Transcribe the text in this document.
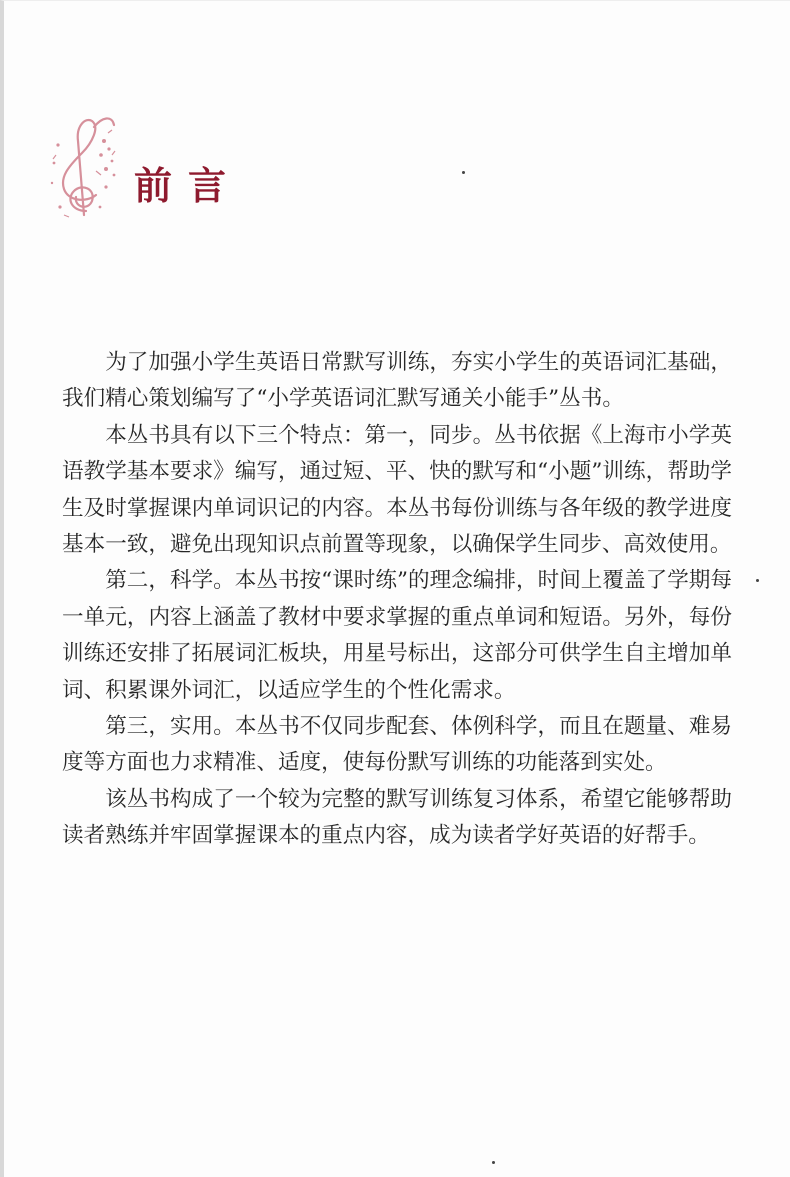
前言

为了加强小学生英语日常默写训练，夯实小学生的英语词汇基础，我们精心策划编写了“小学英语词汇默写通关小能手”丛书。

本丛书具有以下三个特点：第一，同步。丛书依据《上海市小学英语教学基本要求》编写，通过短、平、快的默写和“小题”训练，帮助学生及时掌握课内单词识记的内容。本丛书每份训练与各年级的教学进度基本一致，避免出现知识点前置等现象，以确保学生同步、高效使用。

第二，科学。本丛书按“课时练”的理念编排，时间上覆盖了学期每一单元，内容上涵盖了教材中要求掌握的重点单词和短语。另外，每份训练还安排了拓展词汇板块，用星号标出，这部分可供学生自主增加单词、积累课外词汇，以适应学生的个性化需求。

第三，实用。本丛书不仅同步配套、体例科学，而且在题量、难易度等方面也力求精准、适度，使每份默写训练的功能落到实处。

该丛书构成了一个较为完整的默写训练复习体系，希望它能够帮助读者熟练并牢固掌握课本的重点内容，成为读者学好英语的好帮手。
